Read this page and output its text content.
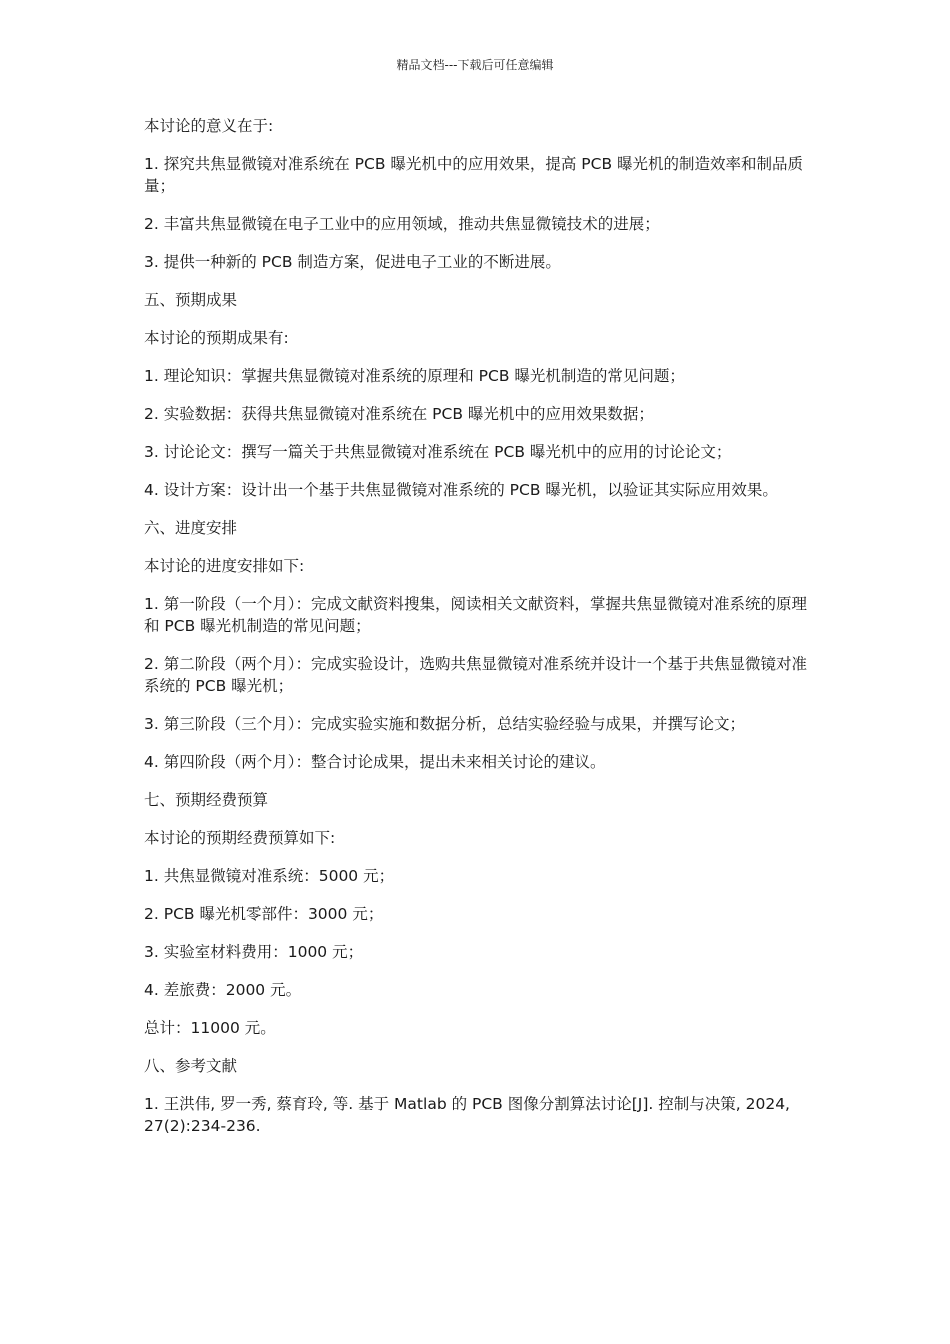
精品文档---下载后可任意编辑

本讨论的意义在于:

1. 探究共焦显微镜对准系统在 PCB 曝光机中的应用效果，提高 PCB 曝光机的制造效率和制品质量；

2. 丰富共焦显微镜在电子工业中的应用领域，推动共焦显微镜技术的进展；

3. 提供一种新的 PCB 制造方案，促进电子工业的不断进展。

五、预期成果

本讨论的预期成果有:

1. 理论知识：掌握共焦显微镜对准系统的原理和 PCB 曝光机制造的常见问题；

2. 实验数据：获得共焦显微镜对准系统在 PCB 曝光机中的应用效果数据；

3. 讨论论文：撰写一篇关于共焦显微镜对准系统在 PCB 曝光机中的应用的讨论论文；

4. 设计方案：设计出一个基于共焦显微镜对准系统的 PCB 曝光机，以验证其实际应用效果。

六、进度安排

本讨论的进度安排如下:

1. 第一阶段（一个月）：完成文献资料搜集，阅读相关文献资料，掌握共焦显微镜对准系统的原理和 PCB 曝光机制造的常见问题；

2. 第二阶段（两个月）：完成实验设计，选购共焦显微镜对准系统并设计一个基于共焦显微镜对准系统的 PCB 曝光机；

3. 第三阶段（三个月）：完成实验实施和数据分析，总结实验经验与成果，并撰写论文；

4. 第四阶段（两个月）：整合讨论成果，提出未来相关讨论的建议。

七、预期经费预算

本讨论的预期经费预算如下:

1. 共焦显微镜对准系统：5000 元；

2. PCB 曝光机零部件：3000 元；

3. 实验室材料费用：1000 元；

4. 差旅费：2000 元。

总计：11000 元。

八、参考文献

1. 王洪伟, 罗一秀, 蔡育玲, 等. 基于 Matlab 的 PCB 图像分割算法讨论[J]. 控制与决策, 2024, 27(2):234-236.
